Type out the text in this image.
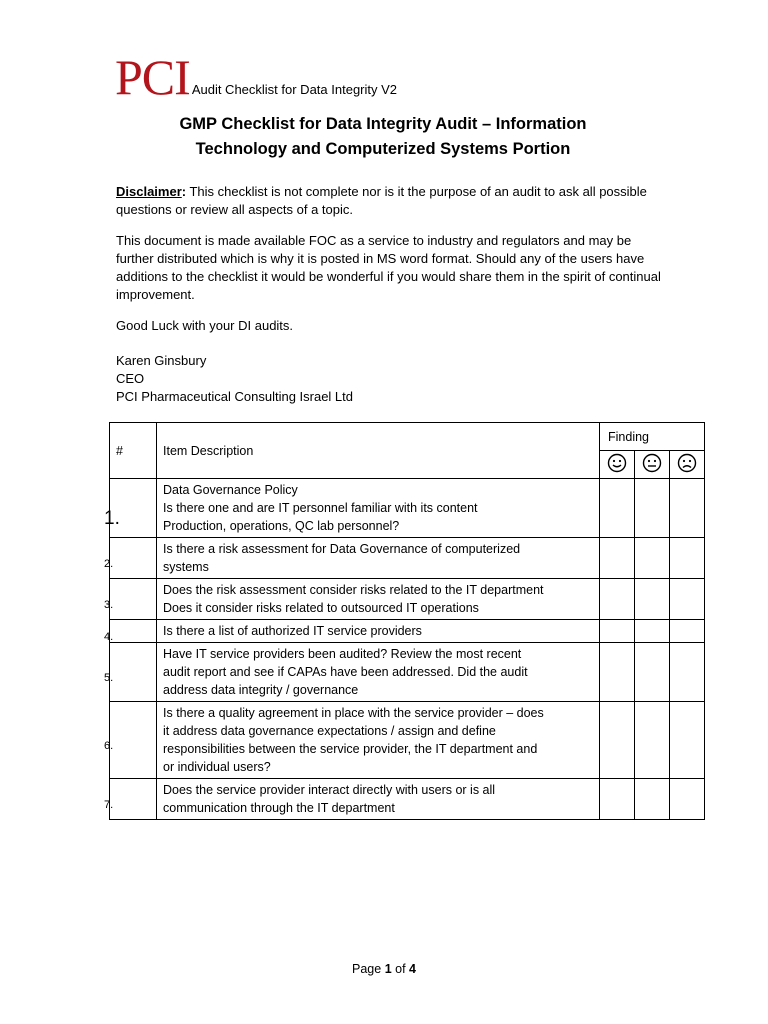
PCI Audit Checklist for Data Integrity V2
GMP Checklist for Data Integrity Audit – Information
Technology and Computerized Systems Portion
Disclaimer: This checklist is not complete nor is it the purpose of an audit to ask all possible questions or review all aspects of a topic.
This document is made available FOC as a service to industry and regulators and may be further distributed which is why it is posted in MS word format. Should any of the users have additions to the checklist it would be wonderful if you would share them in the spirit of continual improvement.
Good Luck with your DI audits.
Karen Ginsbury
CEO
PCI Pharmaceutical Consulting Israel Ltd
#	Item Description	Finding		

1.	Data Governance Policy
Is there one and are IT personnel familiar with its content
Production, operations, QC lab personnel?			

2.	Is there a risk assessment for Data Governance of computerized
systems			

3.	Does the risk assessment consider risks related to the IT department
Does it consider risks related to outsourced IT operations			

4.	Is there a list of authorized IT service providers			

5.	Have IT service providers been audited? Review the most recent
audit report and see if CAPAs have been addressed. Did the audit
address data integrity / governance			

6.	Is there a quality agreement in place with the service provider – does
it address data governance expectations / assign and define
responsibilities between the service provider, the IT department and
or individual users?			

7.	Does the service provider interact directly with users or is all
communication through the IT department			

Page 1 of 4
